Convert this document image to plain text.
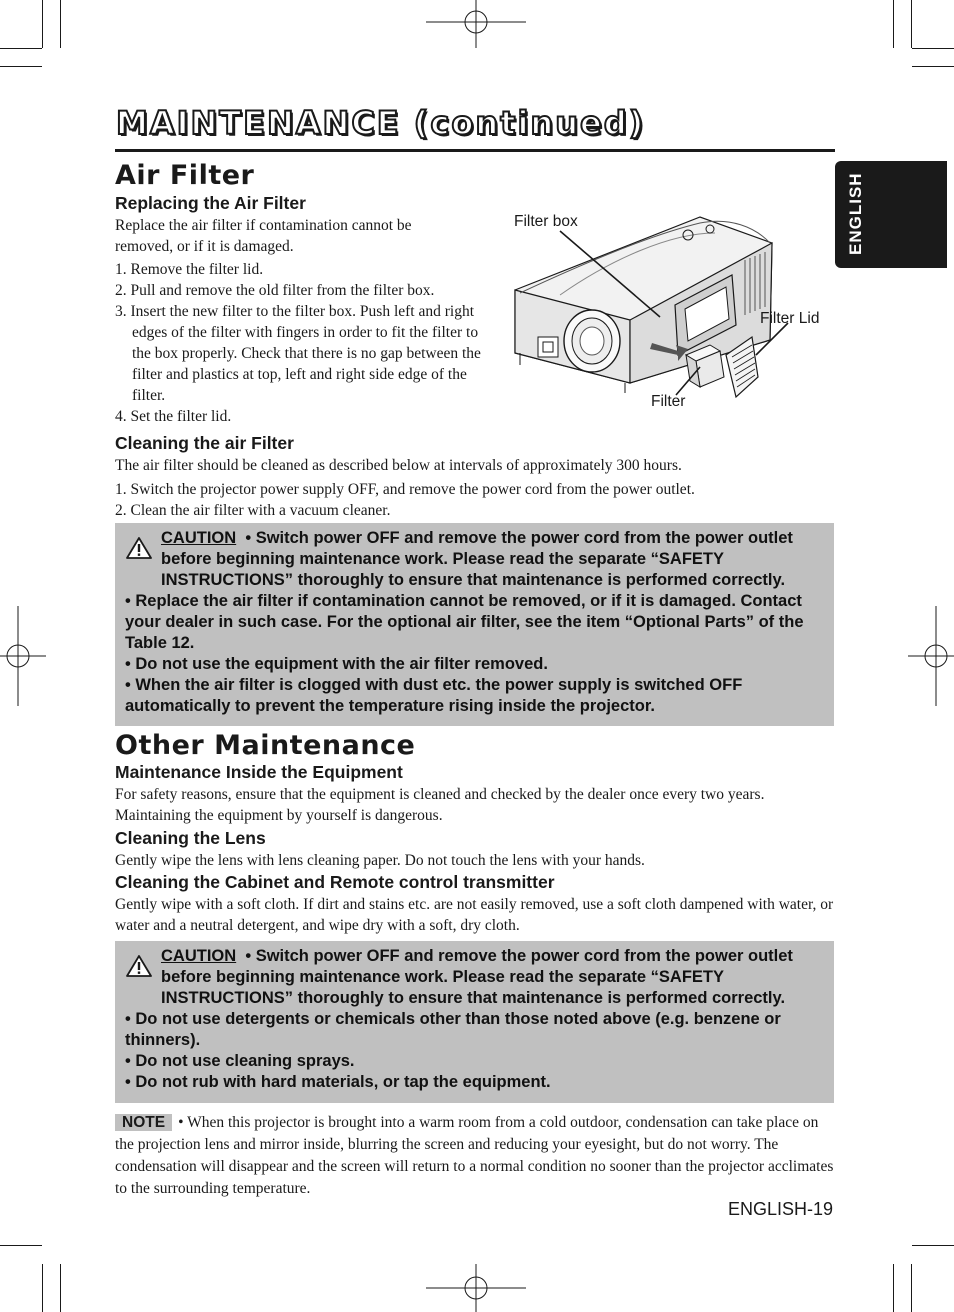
MAINTENANCE (continued)
ENGLISH
Air Filter
Replacing the Air Filter
Replace the air filter if contamination cannot be removed, or if it is damaged.
1. Remove the filter lid.
2. Pull and remove the old filter from the filter box.
3. Insert the new filter to the filter box. Push left and right edges of the filter with fingers in order to fit the filter to the box properly. Check that there is no gap between the filter and plastics at top, left and right side edge of the filter.
4. Set the filter lid.
Filter box
Filter Lid
Filter
Cleaning the air Filter
The air filter should be cleaned as described below at intervals of approximately 300 hours.
1. Switch the projector power supply OFF, and remove the power cord from the power outlet.
2. Clean the air filter with a vacuum cleaner.

CAUTION • Switch power OFF and remove the power cord from the power outlet before beginning maintenance work. Please read the separate “SAFETY INSTRUCTIONS” thoroughly to ensure that maintenance is performed correctly.

• Replace the air filter if contamination cannot be removed, or if it is damaged. Contact your dealer in such case. For the optional air filter, see the item “Optional Parts” of the Table 12.

• Do not use the equipment with the air filter removed.

• When the air filter is clogged with dust etc. the power supply is switched OFF automatically to prevent the temperature rising inside the projector.

Other Maintenance
Maintenance Inside the Equipment
For safety reasons, ensure that the equipment is cleaned and checked by the dealer once every two years. Maintaining the equipment by yourself is dangerous.
Cleaning the Lens
Gently wipe the lens with lens cleaning paper. Do not touch the lens with your hands.
Cleaning the Cabinet and Remote control transmitter
Gently wipe with a soft cloth. If dirt and stains etc. are not easily removed, use a soft cloth dampened with water, or water and a neutral detergent, and wipe dry with a soft, dry cloth.

CAUTION • Switch power OFF and remove the power cord from the power outlet before beginning maintenance work. Please read the separate “SAFETY INSTRUCTIONS” thoroughly to ensure that maintenance is performed correctly.

• Do not use detergents or chemicals other than those noted above (e.g. benzene or thinners).

• Do not use cleaning sprays.

• Do not rub with hard materials, or tap the equipment.

NOTE • When this projector is brought into a warm room from a cold outdoor, condensation can take place on the projection lens and mirror inside, blurring the screen and reducing your eyesight, but do not worry. The condensation will disappear and the screen will return to a normal condition no sooner than the projector acclimates to the surrounding temperature.
ENGLISH-19
